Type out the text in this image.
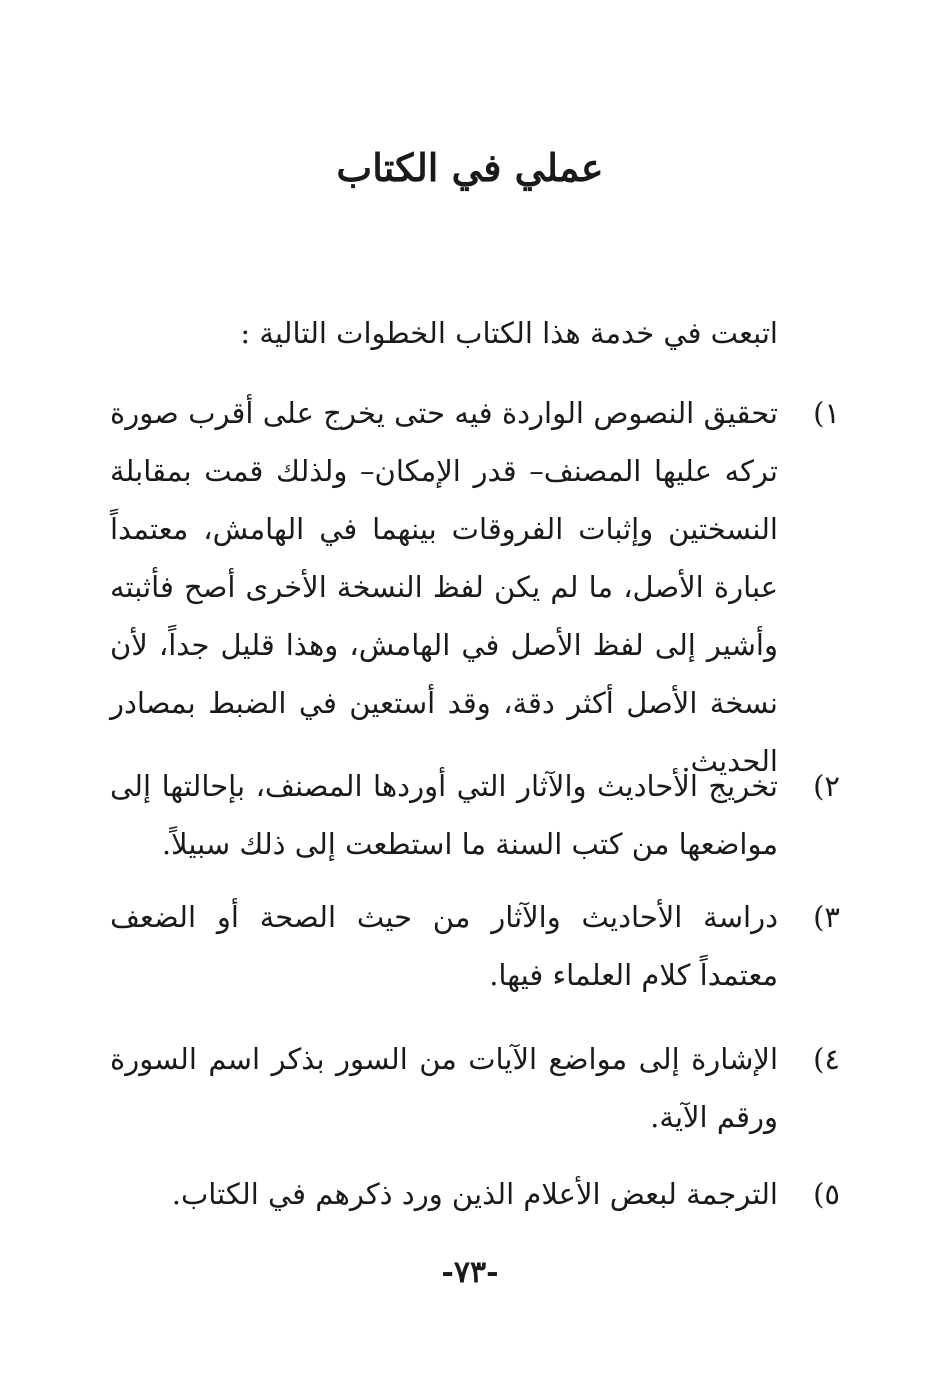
عملي في الكتاب

اتبعت في خدمة هذا الكتاب الخطوات التالية :

١)

تحقيق النصوص الواردة فيه حتى يخرج على أقرب صورة تركه عليها المصنف– قدر الإمكان– ولذلك قمت بمقابلة النسختين وإثبات الفروقات بينهما في الهامش، معتمداً عبارة الأصل، ما لم يكن لفظ النسخة الأخرى أصح فأثبته وأشير إلى لفظ الأصل في الهامش، وهذا قليل جداً، لأن نسخة الأصل أكثر دقة، وقد أستعين في الضبط بمصادر الحديث.

٢)

تخريج الأحاديث والآثار التي أوردها المصنف، بإحالتها إلى مواضعها من كتب السنة ما استطعت إلى ذلك سبيلاً.

٣)

دراسة الأحاديث والآثار من حيث الصحة أو الضعف معتمداً كلام العلماء فيها.

٤)

الإشارة إلى مواضع الآيات من السور بذكر اسم السورة ورقم الآية.

٥)

الترجمة لبعض الأعلام الذين ورد ذكرهم في الكتاب.

-٧٣-
